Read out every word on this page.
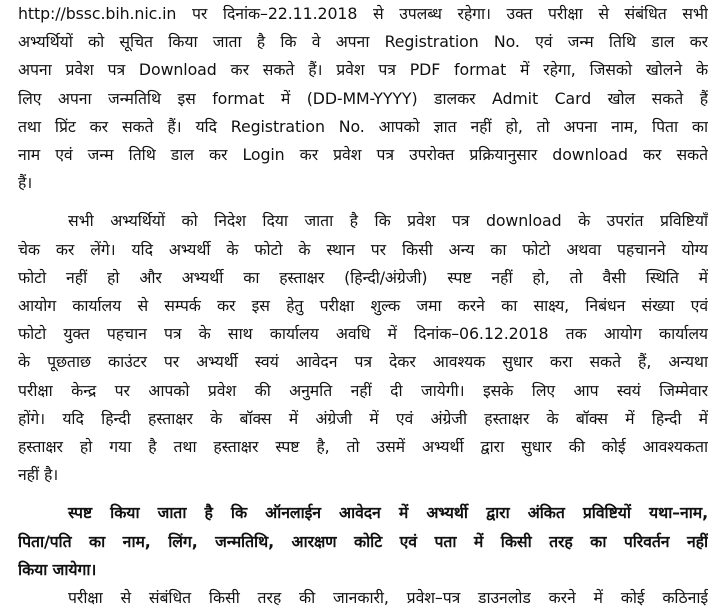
http://bssc.bih.nic.in पर दिनांक–22.11.2018 से उपलब्ध रहेगा। उक्त परीक्षा से संबंधित सभी
अभ्यर्थियों को सूचित किया जाता है कि वे अपना Registration No. एवं जन्म तिथि डाल कर
अपना प्रवेश पत्र Download कर सकते हैं। प्रवेश पत्र PDF format में रहेगा, जिसको खोलने के
लिए अपना जन्मतिथि इस format में (DD-MM-YYYY) डालकर Admit Card खोल सकते हैं
तथा प्रिंट कर सकते हैं। यदि Registration No. आपको ज्ञात नहीं हो, तो अपना नाम, पिता का
नाम एवं जन्म तिथि डाल कर Login कर प्रवेश पत्र उपरोक्त प्रक्रियानुसार download कर सकते
हैं।
सभी अभ्यर्थियों को निदेश दिया जाता है कि प्रवेश पत्र download के उपरांत प्रविष्टियाँ
चेक कर लेंगे। यदि अभ्यर्थी के फोटो के स्थान पर किसी अन्य का फोटो अथवा पहचानने योग्य
फोटो नहीं हो और अभ्यर्थी का हस्ताक्षर (हिन्दी/अंग्रेजी) स्पष्ट नहीं हो, तो वैसी स्थिति में
आयोग कार्यालय से सम्पर्क कर इस हेतु परीक्षा शुल्क जमा करने का साक्ष्य, निबंधन संख्या एवं
फोटो युक्त पहचान पत्र के साथ कार्यालय अवधि में दिनांक–06.12.2018 तक आयोग कार्यालय
के पूछताछ काउंटर पर अभ्यर्थी स्वयं आवेदन पत्र देकर आवश्यक सुधार करा सकते हैं, अन्यथा
परीक्षा केन्द्र पर आपको प्रवेश की अनुमति नहीं दी जायेगी। इसके लिए आप स्वयं जिम्मेवार
होंगे। यदि हिन्दी हस्ताक्षर के बॉक्स में अंग्रेजी में एवं अंग्रेजी हस्ताक्षर के बॉक्स में हिन्दी में
हस्ताक्षर हो गया है तथा हस्ताक्षर स्पष्ट है, तो उसमें अभ्यर्थी द्वारा सुधार की कोई आवश्यकता
नहीं है।
स्पष्ट किया जाता है कि ऑनलाईन आवेदन में अभ्यर्थी द्वारा अंकित प्रविष्टियों यथा–नाम,
पिता/पति का नाम, लिंग, जन्मतिथि, आरक्षण कोटि एवं पता में किसी तरह का परिवर्तन नहीं
किया जायेगा।
परीक्षा से संबंधित किसी तरह की जानकारी, प्रवेश–पत्र डाउनलोड करने में कोई कठिनाई
